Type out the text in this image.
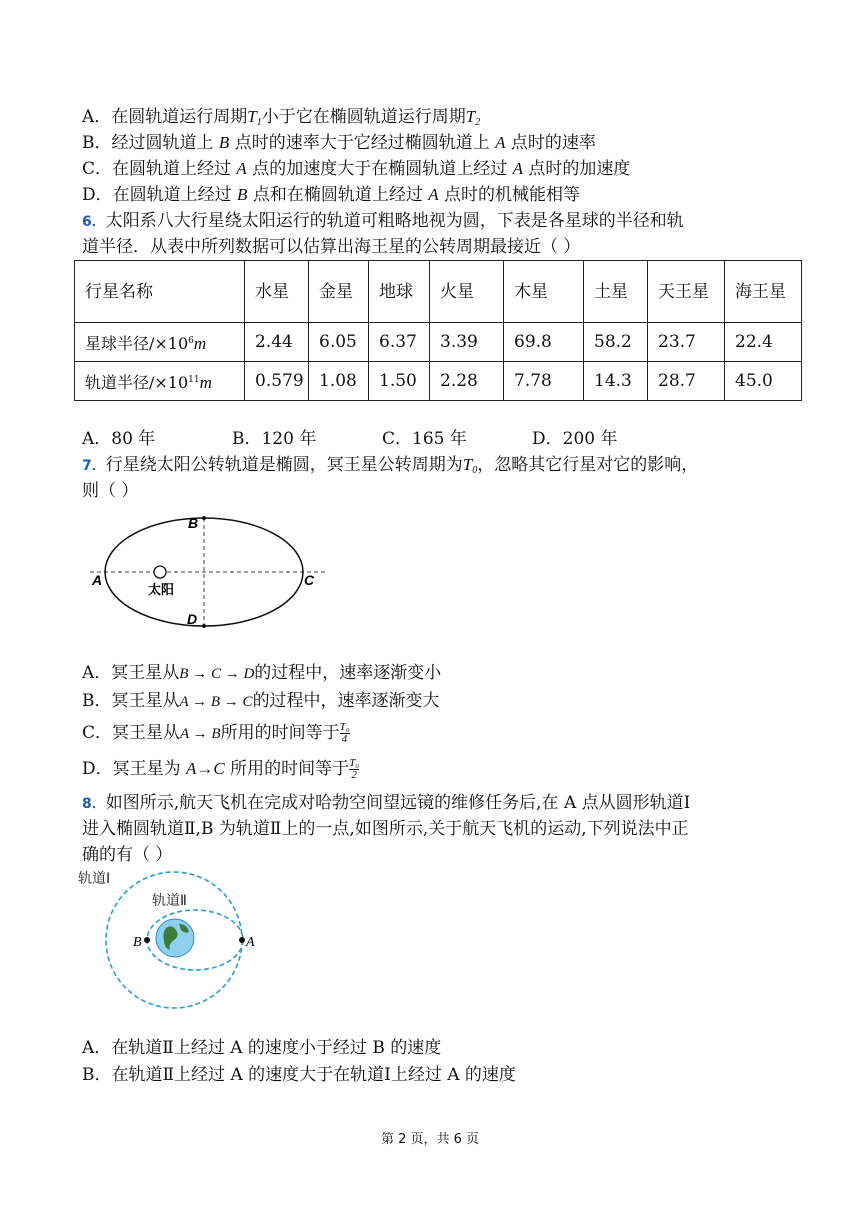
A．在圆轨道运行周期$T_1$小于它在椭圆轨道运行周期$T_2$
B．经过圆轨道上 B 点时的速率大于它经过椭圆轨道上 A 点时的速率
C．在圆轨道上经过 A 点的加速度大于在椭圆轨道上经过 A 点时的加速度
D．在圆轨道上经过 B 点和在椭圆轨道上经过 A 点时的机械能相等
6．太阳系八大行星绕太阳运行的轨道可粗略地视为圆，下表是各星球的半径和轨
道半径．从表中所列数据可以估算出海王星的公转周期最接近（ ）
行星名称	水星	金星	地球	火星	木星	土星	天王星	海王星
星球半径$/\times 10^6m$	2.44	6.05	6.37	3.39	69.8	58.2	23.7	22.4
轨道半径$/\times 10^{11}m$	0.579	1.08	1.50	2.28	7.78	14.3	28.7	45.0
A．80 年	B．120 年	C．165 年	D．200 年
7．行星绕太阳公转轨道是椭圆，冥王星公转周期为$T_0$，忽略其它行星对它的影响，
则（ ）
太阳
A
B
C
D
A．冥王星从B → C → D的过程中，速率逐渐变小
B．冥王星从A → B → C的过程中，速率逐渐变大
C．冥王星从A → B所用的时间等于 $\frac{\text{T₀}}{4}$
D．冥王星为 A→C 所用的时间等于 $\frac{\text{T₀}}{2}$
8．如图所示,航天飞机在完成对哈勃空间望远镜的维修任务后,在 A 点从圆形轨道Ⅰ
进入椭圆轨道Ⅱ,B 为轨道Ⅱ上的一点,如图所示,关于航天飞机的运动,下列说法中正
确的有（ ）
轨道Ⅰ
轨道Ⅱ
B	A
A．在轨道Ⅱ上经过 A 的速度小于经过 B 的速度
B．在轨道Ⅱ上经过 A 的速度大于在轨道Ⅰ上经过 A 的速度
第 2 页，共 6 页
